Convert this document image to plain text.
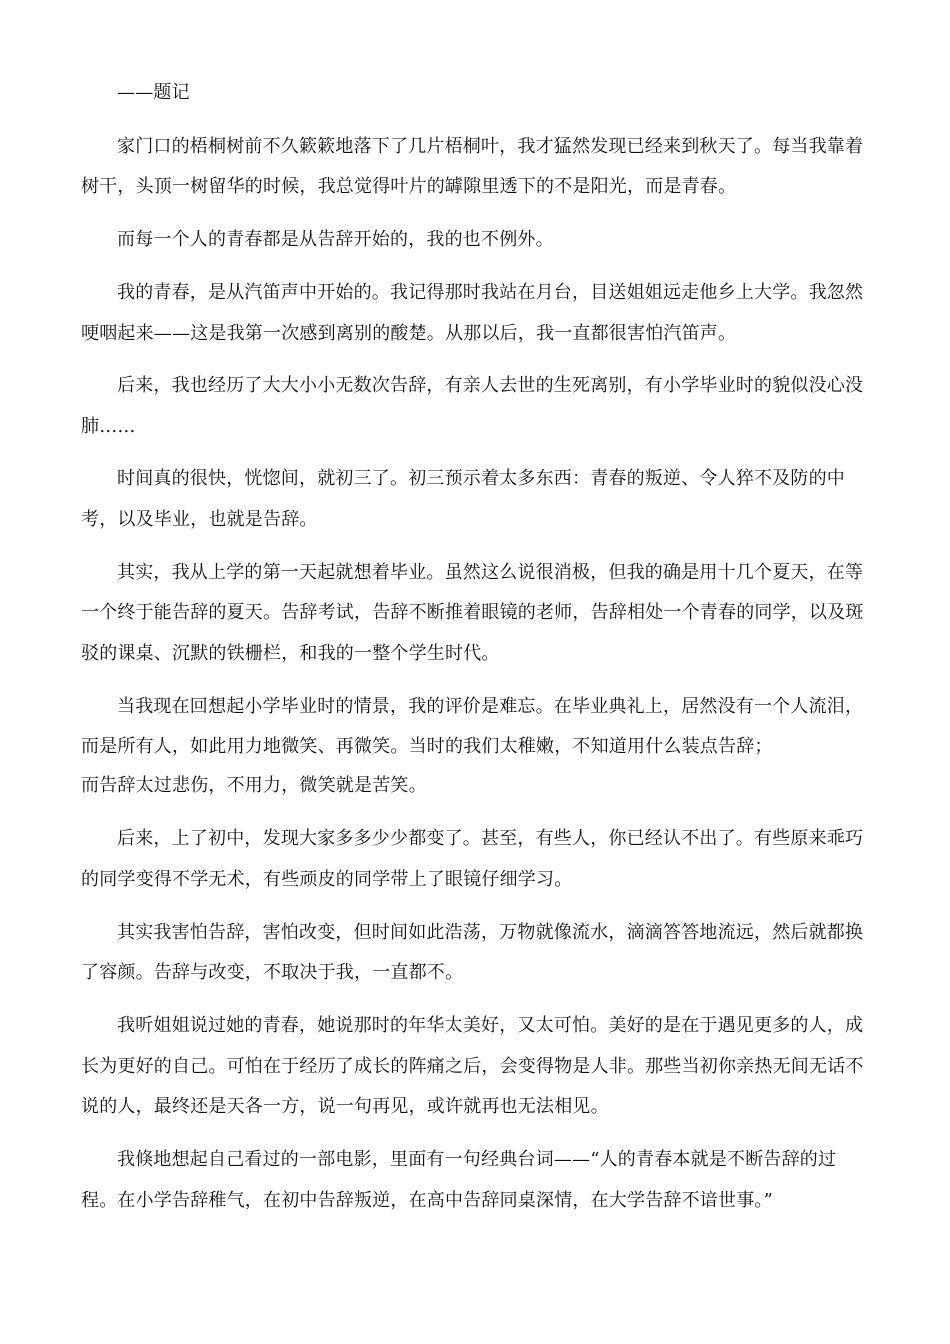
——题记
家门口的梧桐树前不久簌簌地落下了几片梧桐叶，我才猛然发现已经来到秋天了。每当我靠着
树干，头顶一树留华的时候，我总觉得叶片的罅隙里透下的不是阳光，而是青春。
而每一个人的青春都是从告辞开始的，我的也不例外。
我的青春，是从汽笛声中开始的。我记得那时我站在月台，目送姐姐远走他乡上大学。我忽然
哽咽起来——这是我第一次感到离别的酸楚。从那以后，我一直都很害怕汽笛声。
后来，我也经历了大大小小无数次告辞，有亲人去世的生死离别，有小学毕业时的貌似没心没
肺……
时间真的很快，恍惚间，就初三了。初三预示着太多东西：青春的叛逆、令人猝不及防的中
考，以及毕业，也就是告辞。
其实，我从上学的第一天起就想着毕业。虽然这么说很消极，但我的确是用十几个夏天，在等
一个终于能告辞的夏天。告辞考试，告辞不断推着眼镜的老师，告辞相处一个青春的同学，以及斑
驳的课桌、沉默的铁栅栏，和我的一整个学生时代。
当我现在回想起小学毕业时的情景，我的评价是难忘。在毕业典礼上，居然没有一个人流泪，
而是所有人，如此用力地微笑、再微笑。当时的我们太稚嫩，不知道用什么装点告辞；
而告辞太过悲伤，不用力，微笑就是苦笑。
后来，上了初中，发现大家多多少少都变了。甚至，有些人，你已经认不出了。有些原来乖巧
的同学变得不学无术，有些顽皮的同学带上了眼镜仔细学习。
其实我害怕告辞，害怕改变，但时间如此浩荡，万物就像流水，滴滴答答地流远，然后就都换
了容颜。告辞与改变，不取决于我，一直都不。
我听姐姐说过她的青春，她说那时的年华太美好，又太可怕。美好的是在于遇见更多的人，成
长为更好的自己。可怕在于经历了成长的阵痛之后，会变得物是人非。那些当初你亲热无间无话不
说的人，最终还是天各一方，说一句再见，或许就再也无法相见。
我倏地想起自己看过的一部电影，里面有一句经典台词——“人的青春本就是不断告辞的过
程。在小学告辞稚气，在初中告辞叛逆，在高中告辞同桌深情，在大学告辞不谙世事。”
